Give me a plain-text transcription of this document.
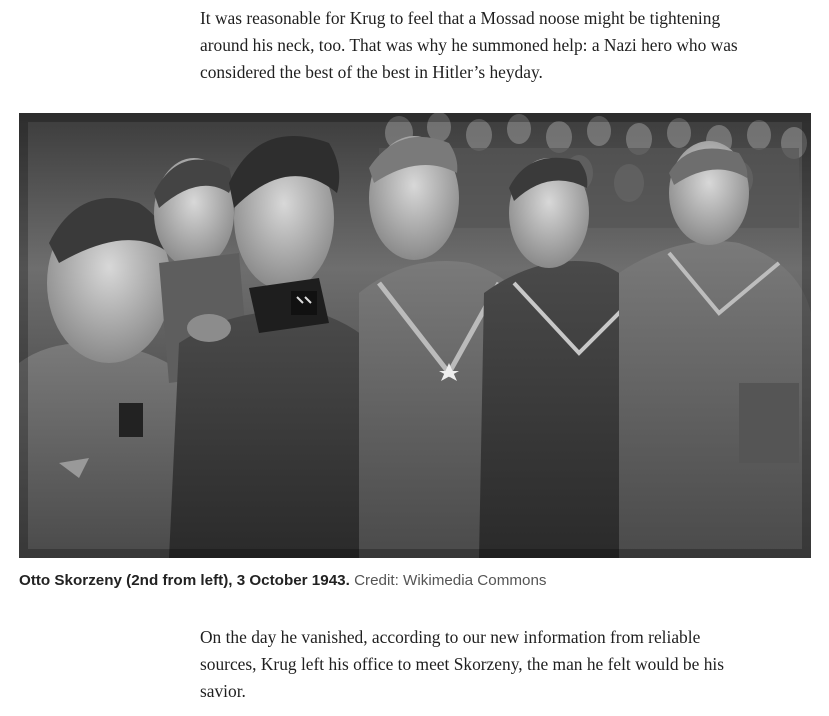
It was reasonable for Krug to feel that a Mossad noose might be tightening around his neck, too. That was why he summoned help: a Nazi hero who was considered the best of the best in Hitler’s heyday.

Otto Skorzeny (2nd from left), 3 October 1943. Credit: Wikimedia Commons

On the day he vanished, according to our new information from reliable sources, Krug left his office to meet Skorzeny, the man he felt would be his savior.
